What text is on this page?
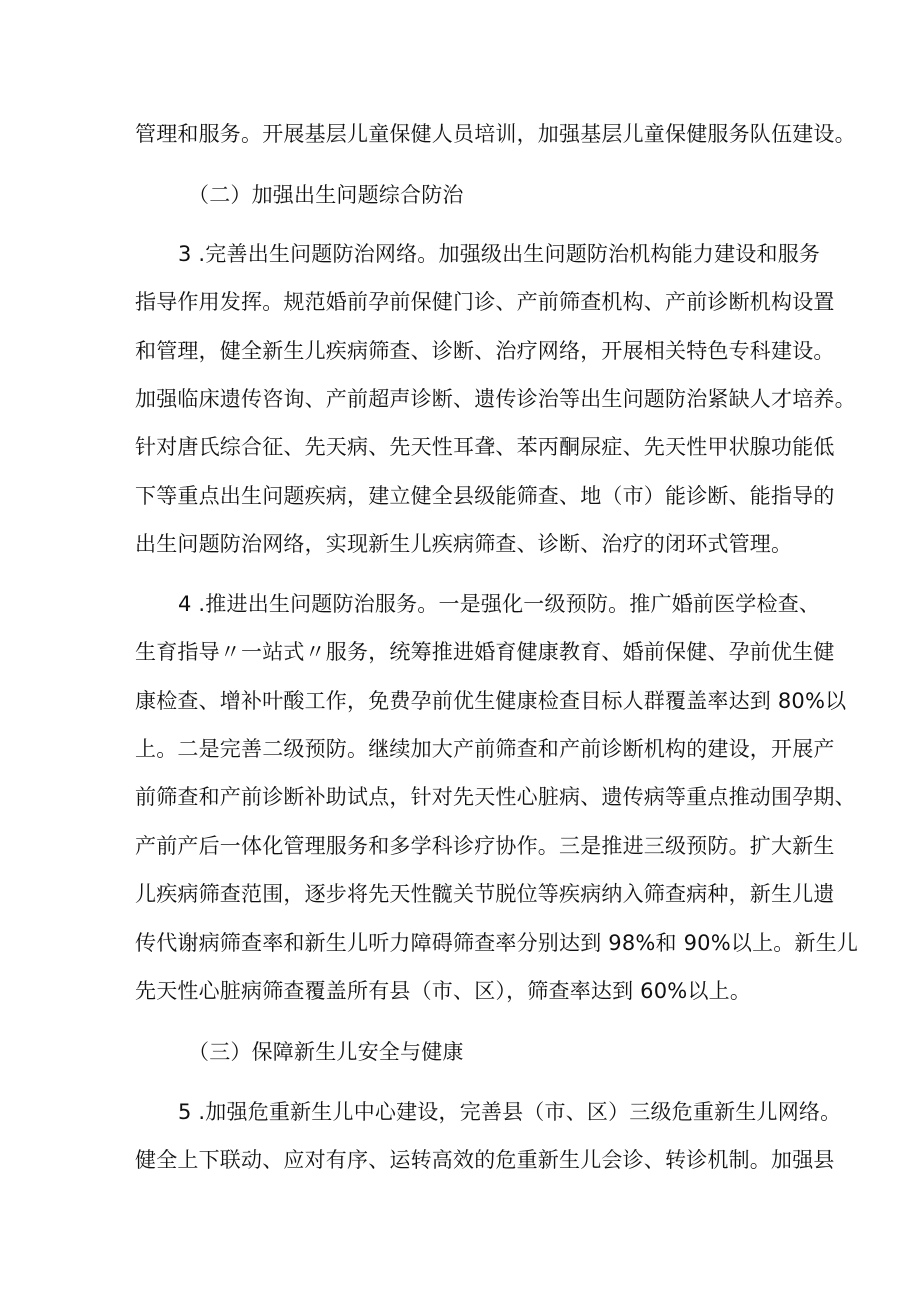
管理和服务。开展基层儿童保健人员培训，加强基层儿童保健服务队伍建设。
（二）加强出生问题综合防治
3 .完善出生问题防治网络。加强级出生问题防治机构能力建设和服务
指导作用发挥。规范婚前孕前保健门诊、产前筛查机构、产前诊断机构设置
和管理，健全新生儿疾病筛查、诊断、治疗网络，开展相关特色专科建设。
加强临床遗传咨询、产前超声诊断、遗传诊治等出生问题防治紧缺人才培养。
针对唐氏综合征、先天病、先天性耳聋、苯丙酮尿症、先天性甲状腺功能低
下等重点出生问题疾病，建立健全县级能筛查、地（市）能诊断、能指导的
出生问题防治网络，实现新生儿疾病筛查、诊断、治疗的闭环式管理。
4 .推进出生问题防治服务。一是强化一级预防。推广婚前医学检查、
生育指导〃一站式〃服务，统筹推进婚育健康教育、婚前保健、孕前优生健
康检查、增补叶酸工作，免费孕前优生健康检查目标人群覆盖率达到 80%以
上。二是完善二级预防。继续加大产前筛查和产前诊断机构的建设，开展产
前筛查和产前诊断补助试点，针对先天性心脏病、遗传病等重点推动围孕期、
产前产后一体化管理服务和多学科诊疗协作。三是推进三级预防。扩大新生
儿疾病筛查范围，逐步将先天性髋关节脱位等疾病纳入筛查病种，新生儿遗
传代谢病筛查率和新生儿听力障碍筛查率分别达到 98%和 90%以上。新生儿
先天性心脏病筛查覆盖所有县（市、区），筛查率达到 60%以上。
（三）保障新生儿安全与健康
5 .加强危重新生儿中心建设，完善县（市、区）三级危重新生儿网络。
健全上下联动、应对有序、运转高效的危重新生儿会诊、转诊机制。加强县
